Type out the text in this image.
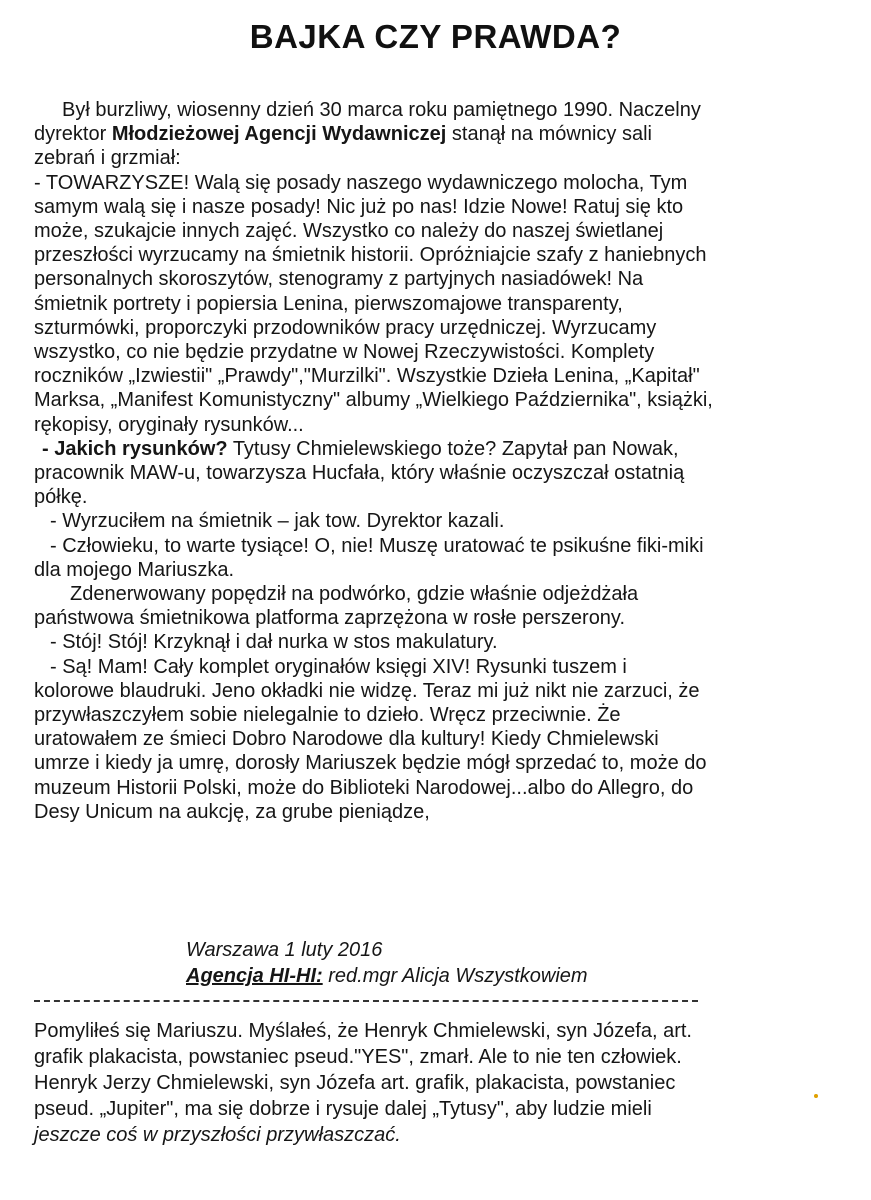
BAJKA CZY PRAWDA?
Był burzliwy, wiosenny dzień 30 marca roku pamiętnego 1990. Naczelny
dyrektor Młodzieżowej Agencji Wydawniczej stanął na mównicy sali
zebrań i grzmiał:
- TOWARZYSZE! Walą się posady naszego wydawniczego molocha, Tym
samym walą się i nasze posady! Nic już po nas! Idzie Nowe! Ratuj się kto
może, szukajcie innych zajęć. Wszystko co należy do naszej świetlanej
przeszłości wyrzucamy na śmietnik historii. Opróżniajcie szafy z haniebnych
personalnych skoroszytów, stenogramy z partyjnych nasiadówek! Na
śmietnik portrety i popiersia Lenina, pierwszomajowe transparenty,
szturmówki, proporczyki przodowników pracy urzędniczej. Wyrzucamy
wszystko, co nie będzie przydatne w Nowej Rzeczywistości. Komplety
roczników „Izwiestii" „Prawdy","Murzilki". Wszystkie Dzieła Lenina, „Kapitał"
Marksa, „Manifest Komunistyczny" albumy „Wielkiego Października", książki,
rękopisy, oryginały rysunków...
- Jakich rysunków? Tytusy Chmielewskiego toże? Zapytał pan Nowak,
pracownik MAW-u, towarzysza Hucfała, który właśnie oczyszczał ostatnią
półkę.
- Wyrzuciłem na śmietnik – jak tow. Dyrektor kazali.
- Człowieku, to warte tysiące! O, nie! Muszę uratować te psikuśne fiki-miki
dla mojego Mariuszka.
Zdenerwowany popędził na podwórko, gdzie właśnie odjeżdżała
państwowa śmietnikowa platforma zaprzężona w rosłe perszerony.
- Stój! Stój! Krzyknął i dał nurka w stos makulatury.
- Są! Mam! Cały komplet oryginałów księgi XIV! Rysunki tuszem i
kolorowe blaudruki. Jeno okładki nie widzę. Teraz mi już nikt nie zarzuci, że
przywłaszczyłem sobie nielegalnie to dzieło. Wręcz przeciwnie. Że
uratowałem ze śmieci Dobro Narodowe dla kultury! Kiedy Chmielewski
umrze i kiedy ja umrę, dorosły Mariuszek będzie mógł sprzedać to, może do
muzeum Historii Polski, może do Biblioteki Narodowej...albo do Allegro, do
Desy Unicum na aukcję, za grube pieniądze,
Warszawa 1 luty 2016
Agencja HI-HI: red.mgr Alicja Wszystkowiem
Pomyliłeś się Mariuszu. Myślałeś, że Henryk Chmielewski, syn Józefa, art.
grafik plakacista, powstaniec pseud."YES", zmarł. Ale to nie ten człowiek.
Henryk Jerzy Chmielewski, syn Józefa art. grafik, plakacista, powstaniec
pseud. „Jupiter", ma się dobrze i rysuje dalej „Tytusy", aby ludzie mieli
jeszcze coś w przyszłości przywłaszczać.
